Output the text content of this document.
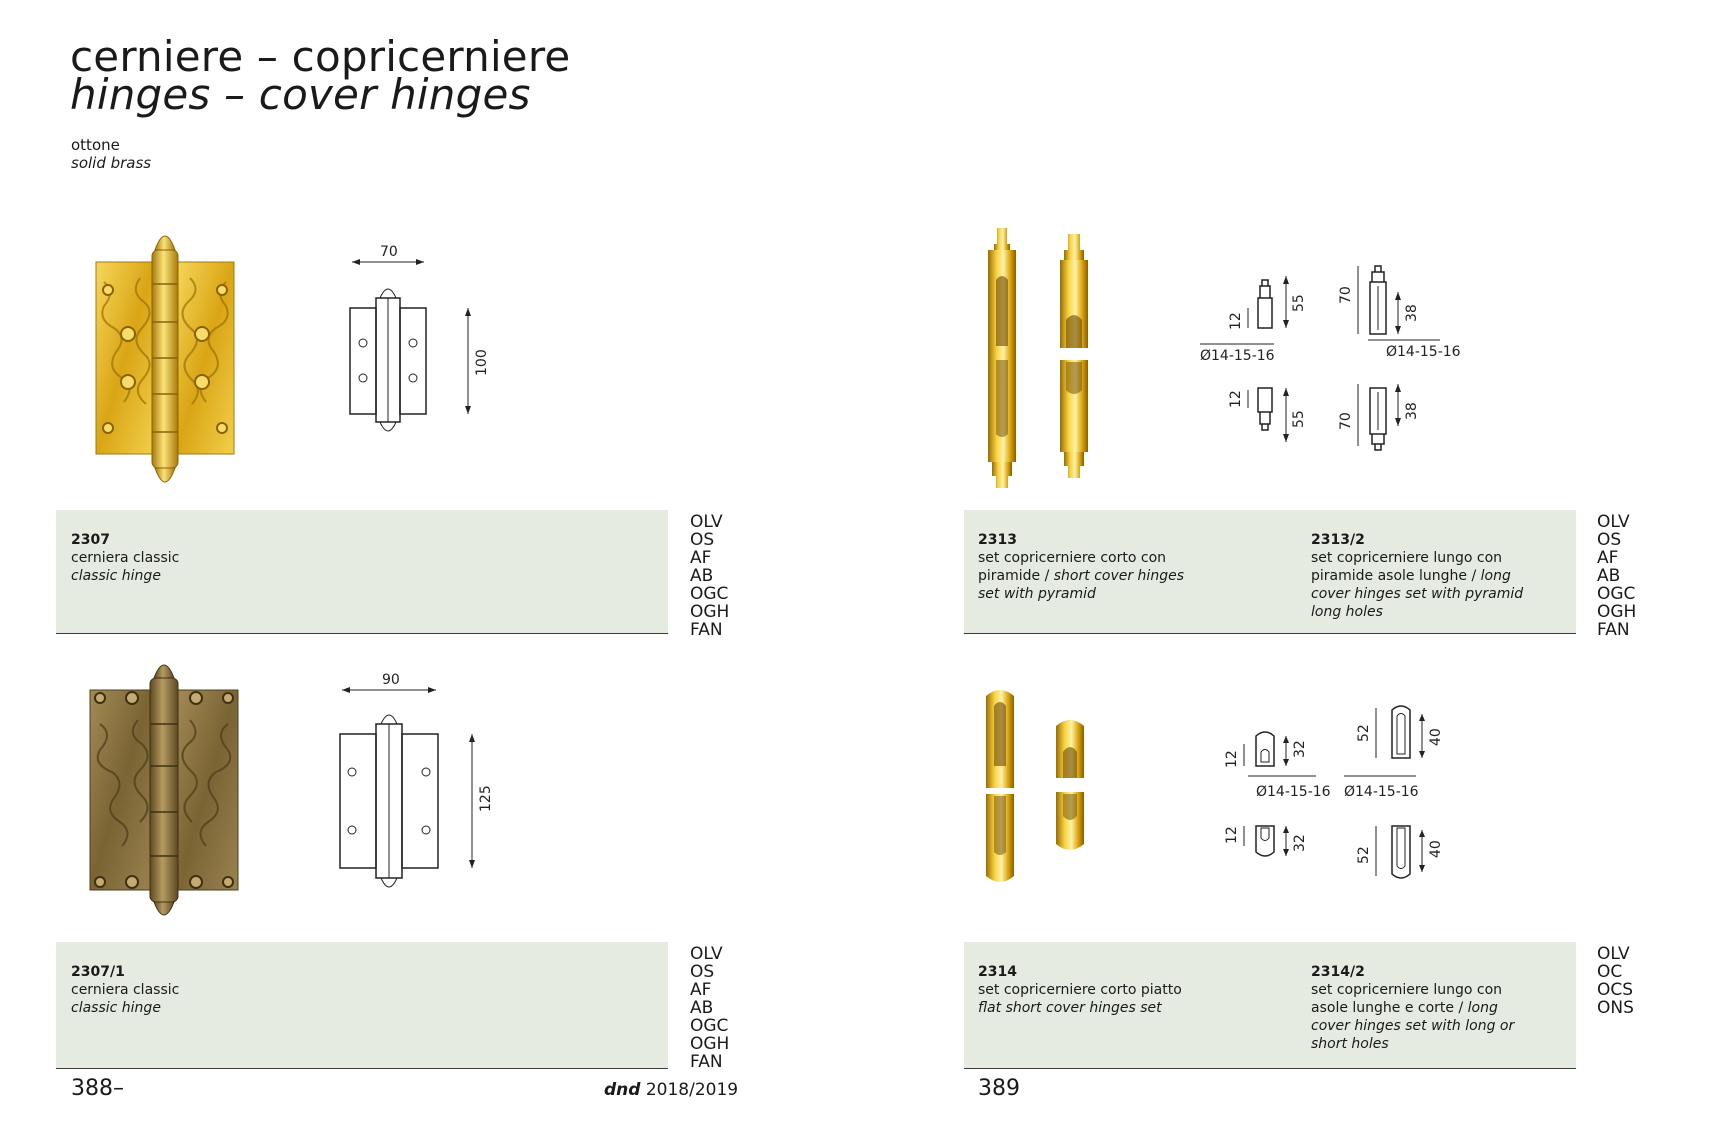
cerniere – copricerniere
hinges – cover hinges
ottone
solid brass
70
100
2307
cerniera classic
classic hinge
OLV
OS
AF
AB
OGC
OGH
FAN
90
125
2307/1
cerniera classic
classic hinge
OLV
OS
AF
AB
OGC
OGH
FAN
12
55
Ø14-15-16
12
55
70
38
Ø14-15-16
70
38
2313
set copricerniere corto con
piramide / short cover hinges
set with pyramid
2313/2
set copricerniere lungo con
piramide asole lunghe / long
cover hinges set with pyramid
long holes
OLV
OS
AF
AB
OGC
OGH
FAN
12
32
Ø14-15-16
12	32
52	40
Ø14-15-16
52	40
2314
set copricerniere corto piatto
flat short cover hinges set
2314/2
set copricerniere lungo con
asole lunghe e corte / long
cover hinges set with long or
short holes
OLV
OC
OCS
ONS
388–	dnd 2018/2019	389
